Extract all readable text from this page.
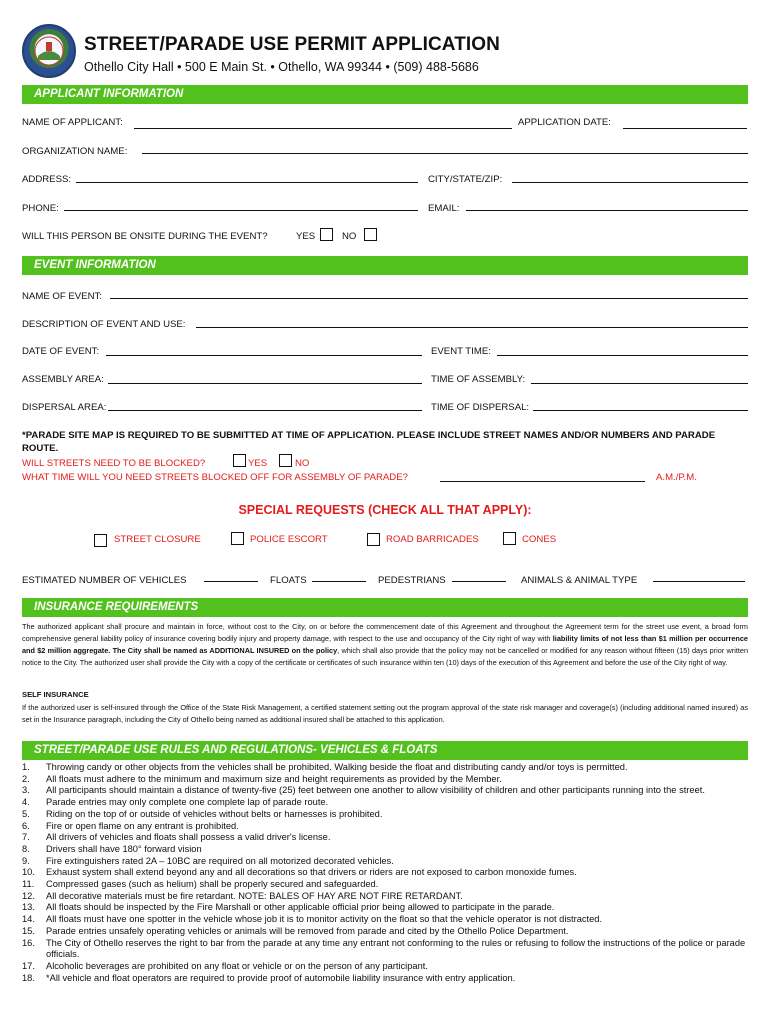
STREET/PARADE USE PERMIT APPLICATION
Othello City Hall • 500 E Main St. • Othello, WA 99344 • (509) 488-5686
APPLICANT INFORMATION
NAME OF APPLICANT:	APPLICATION DATE:
ORGANIZATION NAME:
ADDRESS:	CITY/STATE/ZIP:
PHONE:	EMAIL:
WILL THIS PERSON BE ONSITE DURING THE EVENT?	YES	NO
EVENT INFORMATION
NAME OF EVENT:
DESCRIPTION OF EVENT AND USE:
DATE OF EVENT:	EVENT TIME:
ASSEMBLY AREA:	TIME OF ASSEMBLY:
DISPERSAL AREA:	TIME OF DISPERSAL:
*PARADE SITE MAP IS REQUIRED TO BE SUBMITTED AT TIME OF APPLICATION. PLEASE INCLUDE STREET NAMES AND/OR NUMBERS AND PARADE ROUTE.
WILL STREETS NEED TO BE BLOCKED?	YES	NO
WHAT TIME WILL YOU NEED STREETS BLOCKED OFF FOR ASSEMBLY OF PARADE?	A.M./P.M.
SPECIAL REQUESTS (CHECK ALL THAT APPLY):
STREET CLOSURE	POLICE ESCORT	ROAD BARRICADES	CONES
ESTIMATED NUMBER OF VEHICLES	FLOATS	PEDESTRIANS	ANIMALS & ANIMAL TYPE
INSURANCE REQUIREMENTS
The authorized applicant shall procure and maintain in force, without cost to the City, on or before the commencement date of this Agreement and throughout the Agreement term for the street use event, a broad form comprehensive general liability policy of insurance covering bodily injury and property damage, with respect to the use and occupancy of the City right of way with liability limits of not less than $1 million per occurrence and $2 million aggregate. The City shall be named as ADDITIONAL INSURED on the policy, which shall also provide that the policy may not be cancelled or modified for any reason without fifteen (15) days prior written notice to the City. The authorized user shall provide the City with a copy of the certificate or certificates of such insurance within ten (10) days of the execution of this Agreement and before the use of the City right of way.
SELF INSURANCE
If the authorized user is self-insured through the Office of the State Risk Management, a certified statement setting out the program approval of the state risk manager and coverage(s) (including additional named insured) as set in the Insurance paragraph, including the City of Othello being named as additional insured shall be attached to this application.
STREET/PARADE USE RULES AND REGULATIONS- VEHICLES & FLOATS
1.	Throwing candy or other objects from the vehicles shall be prohibited. Walking beside the float and distributing candy and/or toys is permitted.
2.	All floats must adhere to the minimum and maximum size and height requirements as provided by the Member.
3.	All participants should maintain a distance of twenty-five (25) feet between one another to allow visibility of children and other participants running into the street.
4.	Parade entries may only complete one complete lap of parade route.
5.	Riding on the top of or outside of vehicles without belts or harnesses is prohibited.
6.	Fire or open flame on any entrant is prohibited.
7.	All drivers of vehicles and floats shall possess a valid driver's license.
8.	Drivers shall have 180° forward vision
9.	Fire extinguishers rated 2A – 10BC are required on all motorized decorated vehicles.
10.	Exhaust system shall extend beyond any and all decorations so that drivers or riders are not exposed to carbon monoxide fumes.
11.	Compressed gases (such as helium) shall be properly secured and safeguarded.
12.	All decorative materials must be fire retardant. NOTE: BALES OF HAY ARE NOT FIRE RETARDANT.
13.	All floats should be inspected by the Fire Marshall or other applicable official prior being allowed to participate in the parade.
14.	All floats must have one spotter in the vehicle whose job it is to monitor activity on the float so that the vehicle operator is not distracted.
15.	Parade entries unsafely operating vehicles or animals will be removed from parade and cited by the Othello Police Department.
16.	The City of Othello reserves the right to bar from the parade at any time any entrant not conforming to the rules or refusing to follow the instructions of the police or parade officials.
17.	Alcoholic beverages are prohibited on any float or vehicle or on the person of any participant.
18.	*All vehicle and float operators are required to provide proof of automobile liability insurance with entry application.
